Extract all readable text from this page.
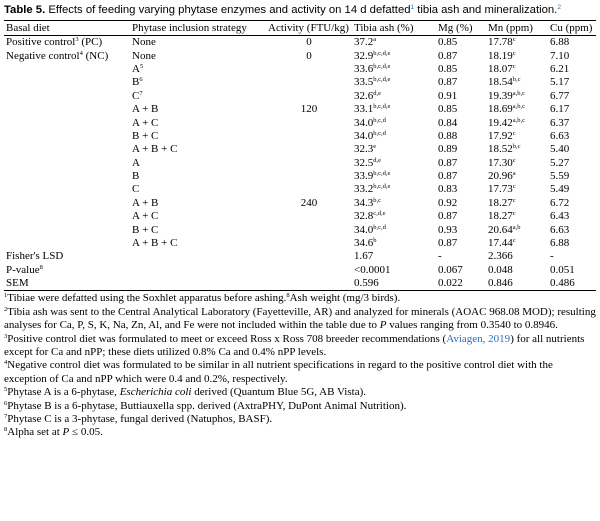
Table 5. Effects of feeding varying phytase enzymes and activity on 14 d defatted$^1$ tibia ash and mineralization.$^2$
Basal diet	Phytase inclusion strategy	Activity (FTU/kg)	Tibia ash (%)	Mg (%)	Mn (ppm)	Cu (ppm)
Positive control$^3$ (PC)	None	0	37.2$^a$	0.85	17.78$^c$	6.88
Negative control$^4$ (NC)	None	0	32.9$^{b,c,d,e}$	0.87	18.19$^c$	7.10
	$A^5$		33.6$^{b,c,d,e}$	0.85	18.07$^c$	6.21
	$B^6$		33.5$^{b,c,d,e}$	0.87	18.54$^{b,c}$	5.17
	$C^7$		32.6$^{d,e}$	0.91	19.39$^{a,b,c}$	6.77
	A + B	120	33.1$^{b,c,d,e}$	0.85	18.69$^{a,b,c}$	6.17
	A + C		34.0$^{b,c,d}$	0.84	19.42$^{a,b,c}$	6.37
	B + C		34.0$^{b,c,d}$	0.88	17.92$^c$	6.63
	A + B + C		32.3e	0.89	18.52$^{b,c}$	5.40
	A		32.5$^{d,e}$	0.87	17.30$^c$	5.27
	B		33.9$^{b,c,d,e}$	0.87	20.96$^a$	5.59
	C		33.2$^{b,c,d,e}$	0.83	17.73$^c$	5.49
	A + B	240	34.3$^{b,c}$	0.92	18.27$^c$	6.72
	A + C		32.8$^{c,d,e}$	0.87	18.27$^c$	6.43
	B + C		34.0$^{b,c,d}$	0.93	20.64$^{a,b}$	6.63
	A + B + C		34.6$^b$	0.87	17.44$^c$	6.88
Fisher's LSD			1.67	-	2.366	-
P-value$^8$			<0.0001	0.067	0.048	0.051
SEM			0.596	0.022	0.846	0.486

$^1$Tibiae were defatted using the Soxhlet apparatus before ashing.$^8$Ash weight (mg/3 birds).

$^2$Tibia ash was sent to the Central Analytical Laboratory (Fayetteville, AR) and analyzed for minerals (AOAC 968.08 MOD); resulting analyses for Ca, P, S, K, Na, Zn, Al, and Fe were not included within the table due to P values ranging from 0.3540 to 0.8946.

$^3$Positive control diet was formulated to meet or exceed Ross x Ross 708 breeder recommendations (Aviagen, 2019) for all nutrients except for Ca and nPP; these diets utilized 0.8% Ca and 0.4% nPP levels.

$^4$Negative control diet was formulated to be similar in all nutrient specifications in regard to the positive control diet with the exception of Ca and nPP which were 0.4 and 0.2%, respectively.

$^5$Phytase A is a 6-phytase, Escherichia coli derived (Quantum Blue 5G, AB Vista).

$^6$Phytase B is a 6-phytase, Buttiauxella spp. derived (AxtraPHY, DuPont Animal Nutrition).

$^7$Phytase C is a 3-phytase, fungal derived (Natuphos, BASF).

$^8$Alpha set at P ≤ 0.05.
